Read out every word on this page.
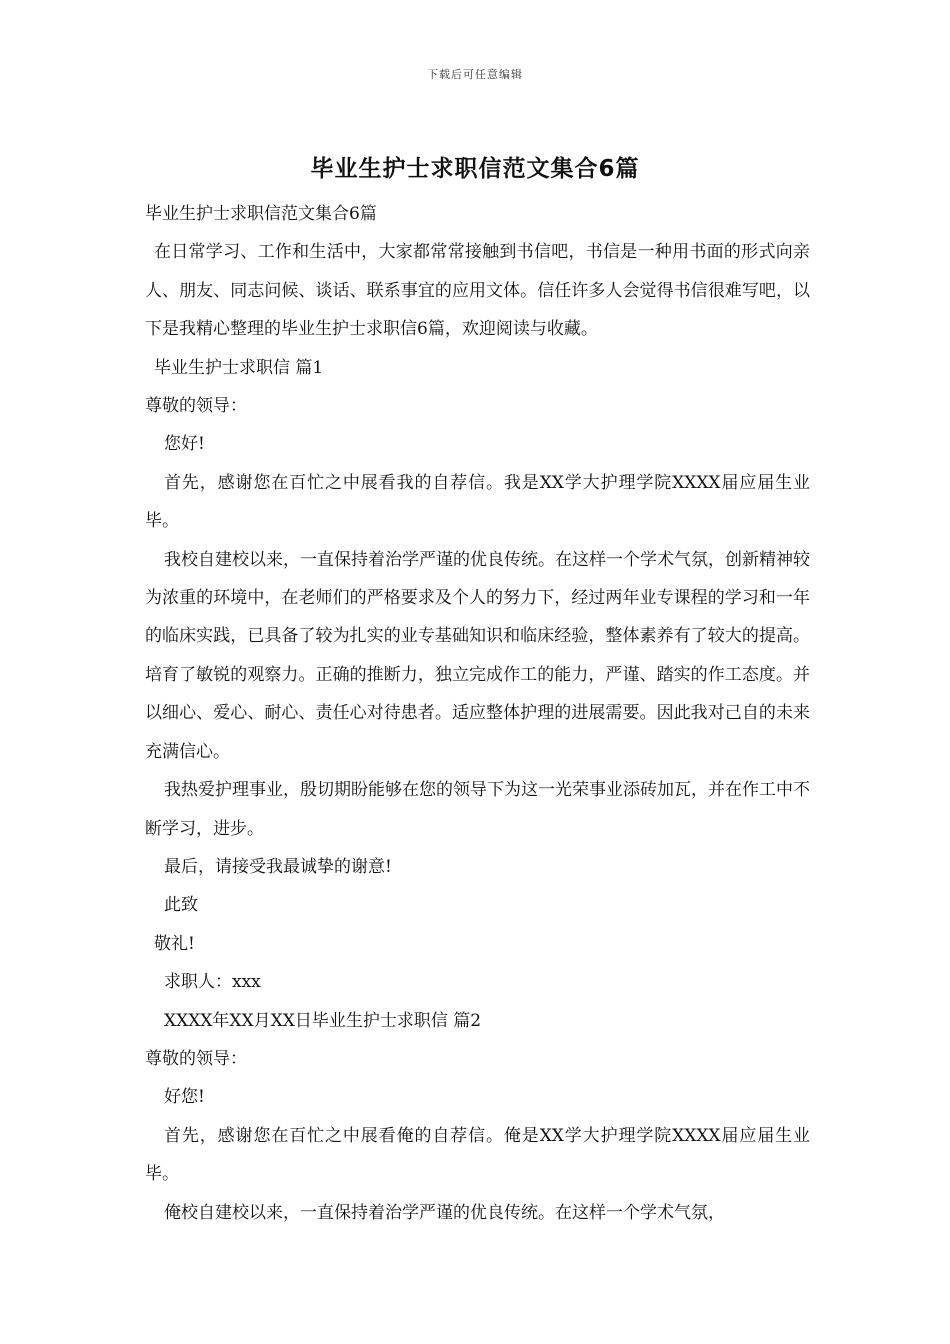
下载后可任意编辑
毕业生护士求职信范文集合6篇

毕业生护士求职信范文集合6篇

在日常学习、工作和生活中，大家都常常接触到书信吧，书信是一种用书面的形式向亲人、朋友、同志问候、谈话、联系事宜的应用文体。信任许多人会觉得书信很难写吧，以下是我精心整理的毕业生护士求职信6篇，欢迎阅读与收藏。

毕业生护士求职信 篇1

尊敬的领导：

您好!

首先，感谢您在百忙之中展看我的自荐信。我是XX学大护理学院XXXX届应届生业毕。

我校自建校以来，一直保持着治学严谨的优良传统。在这样一个学术气氛，创新精神较为浓重的环境中，在老师们的严格要求及个人的努力下，经过两年业专课程的学习和一年的临床实践，已具备了较为扎实的业专基础知识和临床经验，整体素养有了较大的提高。培育了敏锐的观察力。正确的推断力，独立完成作工的能力，严谨、踏实的作工态度。并以细心、爱心、耐心、责任心对待患者。适应整体护理的进展需要。因此我对己自的未来充满信心。

我热爱护理事业，殷切期盼能够在您的领导下为这一光荣事业添砖加瓦，并在作工中不断学习，进步。

最后，请接受我最诚挚的谢意!

此致

敬礼!

求职人：xxx

XXXX年XX月XX日毕业生护士求职信 篇2

尊敬的领导：

好您!

首先，感谢您在百忙之中展看俺的自荐信。俺是XX学大护理学院XXXX届应届生业毕。

俺校自建校以来，一直保持着治学严谨的优良传统。在这样一个学术气氛，
